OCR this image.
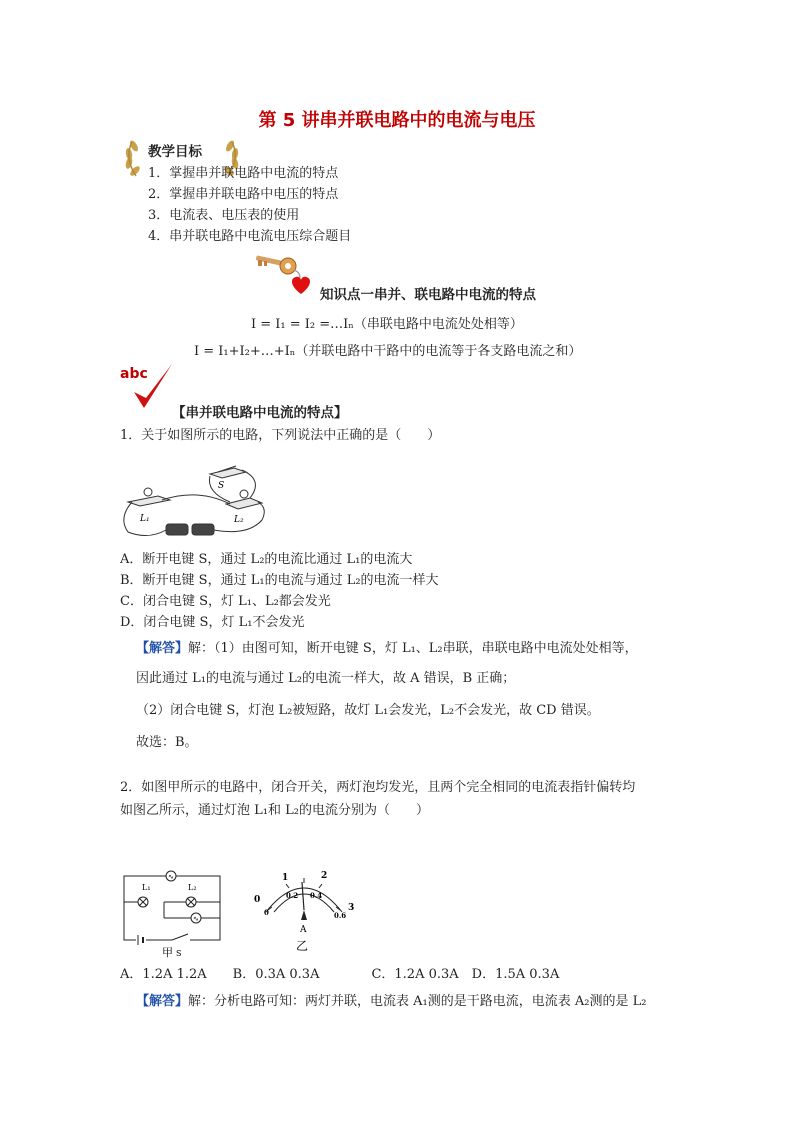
第 5 讲串并联电路中的电流与电压
教学目标
1．掌握串并联电路中电流的特点
2．掌握串并联电路中电压的特点
3．电流表、电压表的使用
4．串并联电路中电流电压综合题目
知识点一串并、联电路中电流的特点
I = I₁ = I₂ =…Iₙ（串联电路中电流处处相等）
I = I₁+I₂+…+Iₙ（并联电路中干路中的电流等于各支路电流之和）
abc
【串并联电路中电流的特点】
1．关于如图所示的电路，下列说法中正确的是（　　）
S
L₁	L₂
A．断开电键 S，通过 L₂的电流比通过 L₁的电流大
B．断开电键 S，通过 L₁的电流与通过 L₂的电流一样大
C．闭合电键 S，灯 L₁、L₂都会发光
D．闭合电键 S，灯 L₁不会发光
【解答】解：（1）由图可知，断开电键 S，灯 L₁、L₂串联，串联电路中电流处处相等，
因此通过 L₁的电流与通过 L₂的电流一样大，故 A 错误，B 正确；
（2）闭合电键 S，灯泡 L₂被短路，故灯 L₁会发光，L₂不会发光，故 CD 错误。
故选：B。
2．如图甲所示的电路中，闭合开关，两灯泡均发光，且两个完全相同的电流表指针偏转均
如图乙所示，通过灯泡 L₁和 L₂的电流分别为（　　）
∿
∿
L₁	L₂
S
甲
0
1	2
3
0
0.2 0.4
0.6
A
乙
A．1.2A 1.2A　　B．0.3A 0.3A　　　　C．1.2A 0.3A　D．1.5A 0.3A
【解答】解：分析电路可知：两灯并联，电流表 A₁测的是干路电流，电流表 A₂测的是 L₂
